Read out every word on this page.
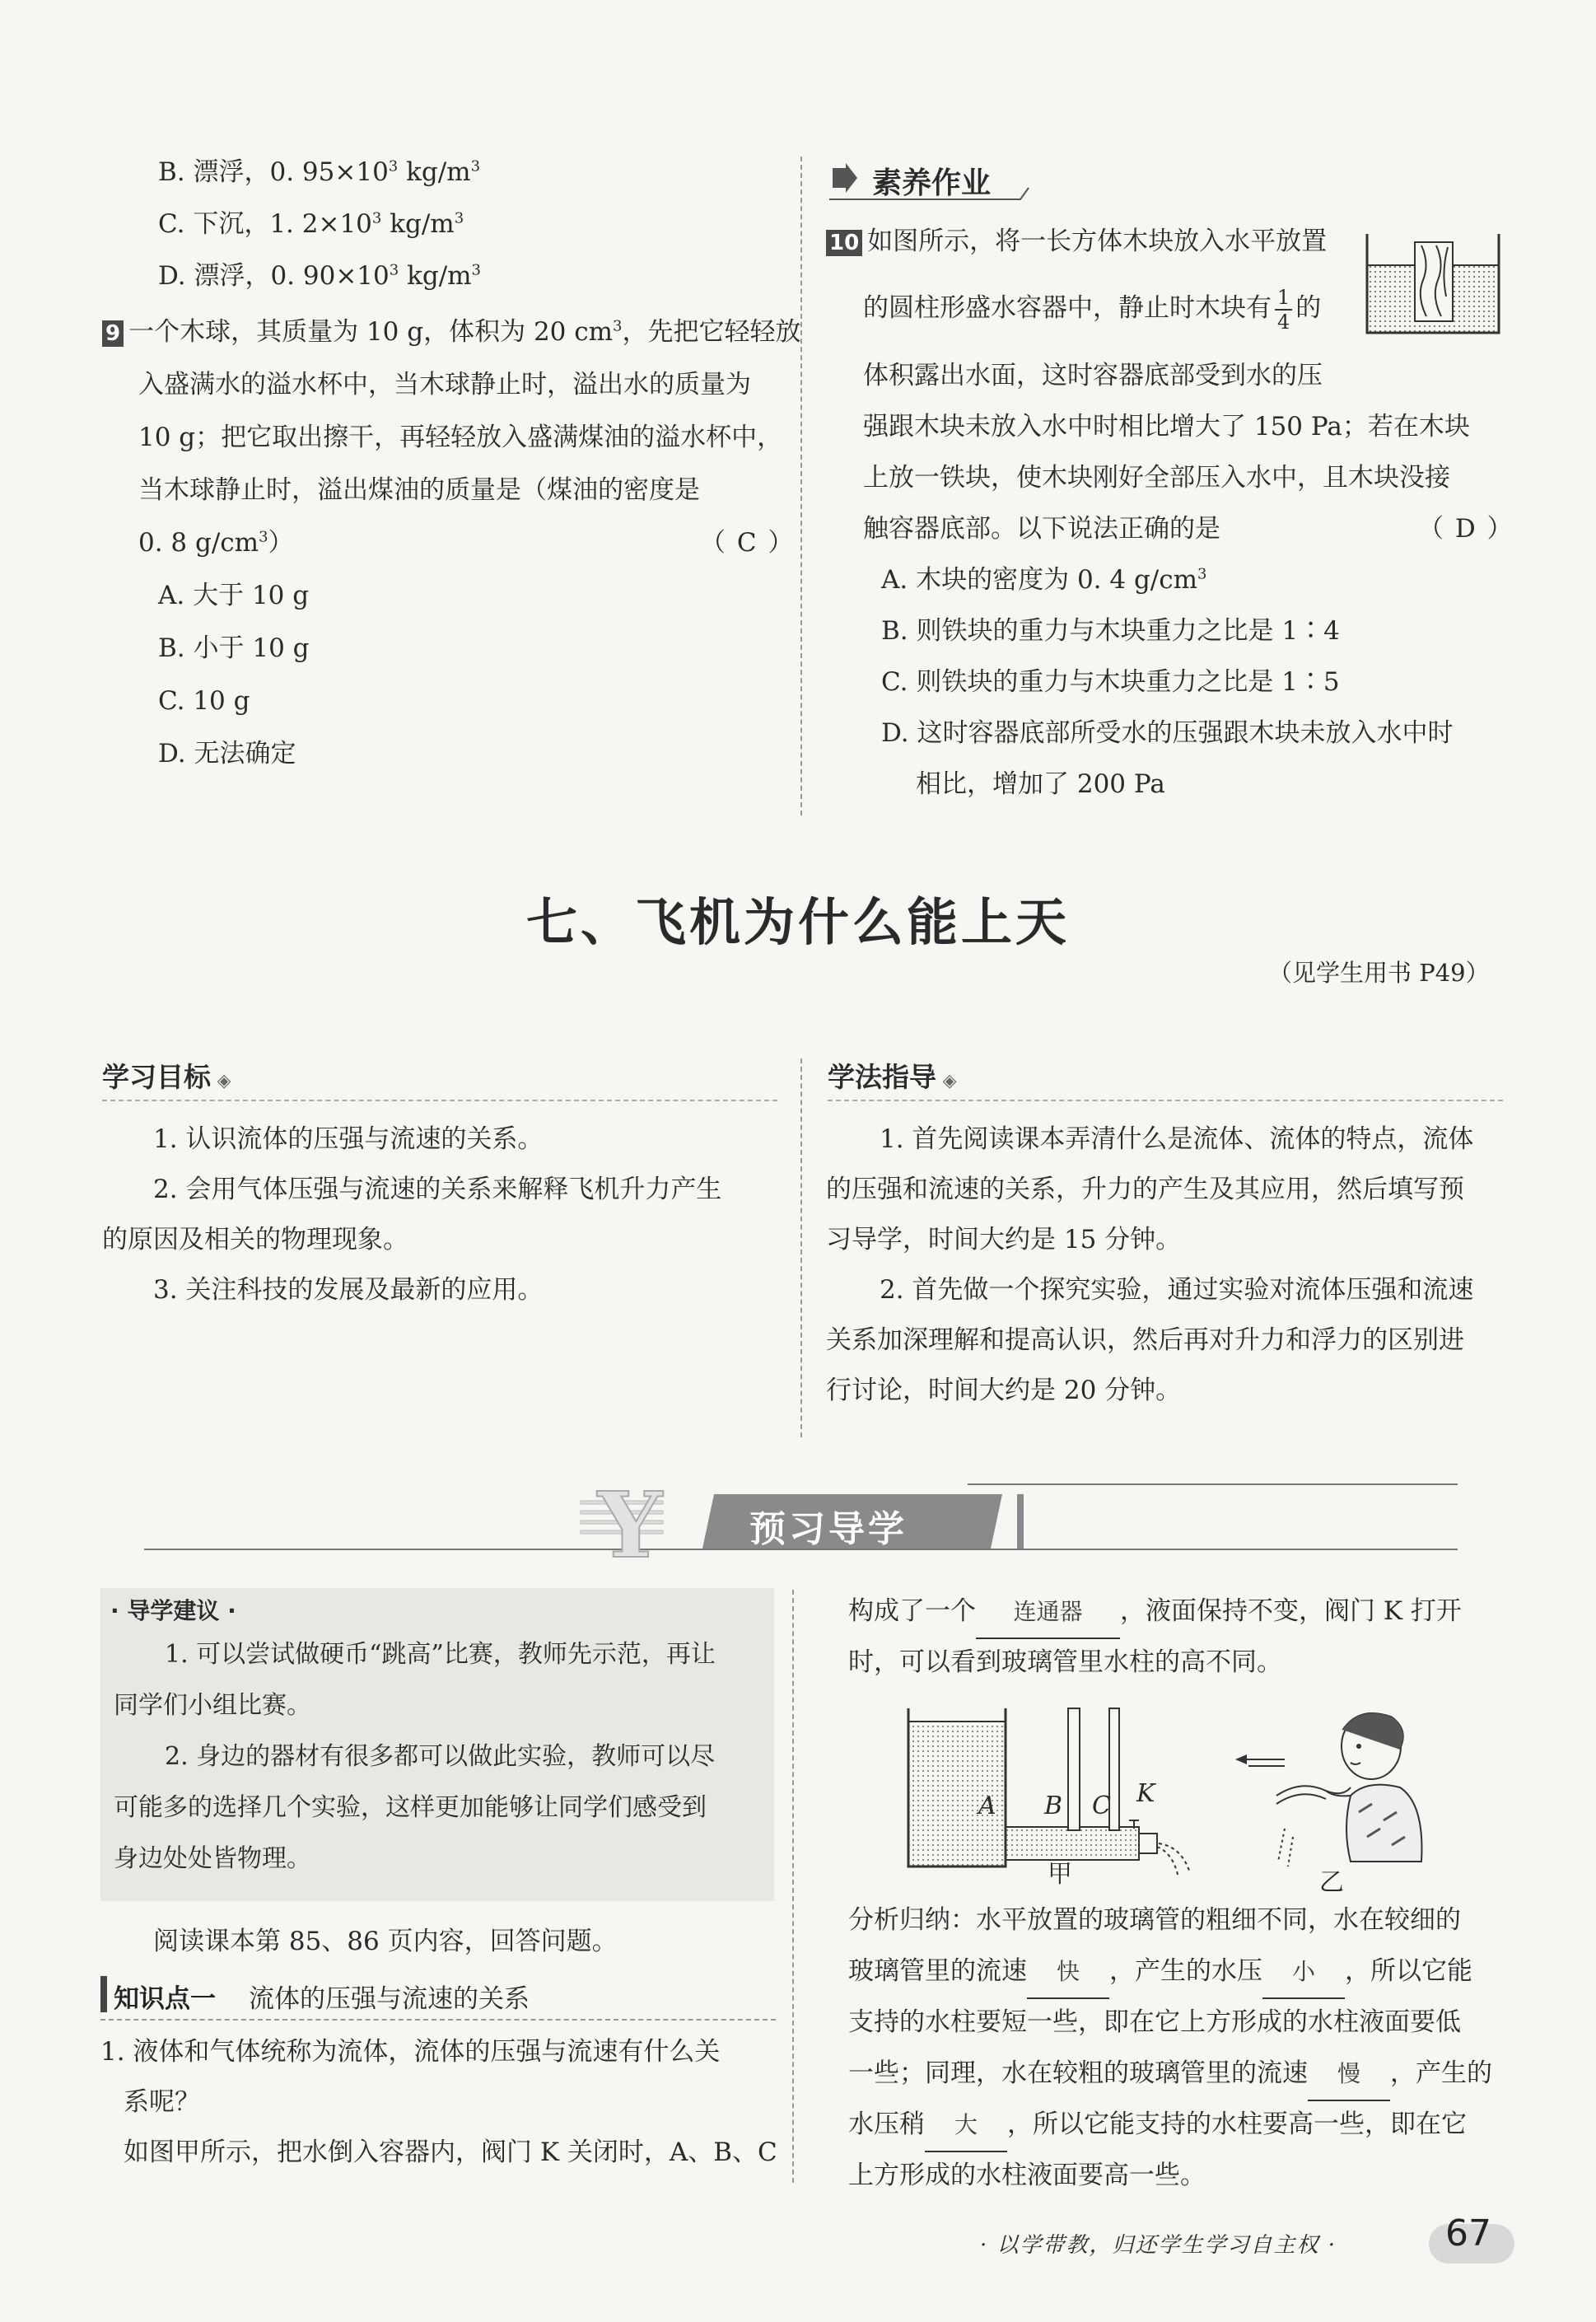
B. 漂浮，0. $95\times 10^3$ $kg/m^3$
C. 下沉，1. $2\times 10^3$ $kg/m^3$
D. 漂浮，0. $90\times 10^3$ $kg/m^3$
9 一个木球，其质量为 10 g，体积为 20 $cm^3$，先把它轻轻放
入盛满水的溢水杯中，当木球静止时，溢出水的质量为
10 g；把它取出擦干，再轻轻放入盛满煤油的溢水杯中，
当木球静止时，溢出煤油的质量是（煤油的密度是
0. 8 $g/cm^3$）	（ C ）
A. 大于 10 g
B. 小于 10 g
C. 10 g
D. 无法确定
素养作业
10 如图所示，将一长方体木块放入水平放置
的圆柱形盛水容器中，静止时木块有 $\frac{1}{4}$ 的
体积露出水面，这时容器底部受到水的压
强跟木块未放入水中时相比增大了 150 Pa；若在木块
上放一铁块，使木块刚好全部压入水中，且木块没接
触容器底部。以下说法正确的是	（ D ）
A. 木块的密度为 0. 4 $g/cm^3$
B. 则铁块的重力与木块重力之比是 1∶4
C. 则铁块的重力与木块重力之比是 1∶5
D. 这时容器底部所受水的压强跟木块未放入水中时
相比，增加了 200 Pa
七、飞机为什么能上天
（见学生用书 P49）
学习目标 ◈
1. 认识流体的压强与流速的关系。
2. 会用气体压强与流速的关系来解释飞机升力产生
的原因及相关的物理现象。
3. 关注科技的发展及最新的应用。
学法指导 ◈
1. 首先阅读课本弄清什么是流体、流体的特点，流体
的压强和流速的关系，升力的产生及其应用，然后填写预
习导学，时间大约是 15 分钟。
2. 首先做一个探究实验，通过实验对流体压强和流速
关系加深理解和提高认识，然后再对升力和浮力的区别进
行讨论，时间大约是 20 分钟。
Y 预习导学
· 导学建议 ·
1. 可以尝试做硬币“跳高”比赛，教师先示范，再让
同学们小组比赛。
2. 身边的器材有很多都可以做此实验，教师可以尽
可能多的选择几个实验，这样更加能够让同学们感受到
身边处处皆物理。
阅读课本第 85、86 页内容，回答问题。
知识点一 流体的压强与流速的关系
1. 液体和气体统称为流体，流体的压强与流速有什么关
系呢？
如图甲所示，把水倒入容器内，阀门 K 关闭时，A、B、C
构成了一个 连通器 ，液面保持不变，阀门 K 打开
时，可以看到玻璃管里水柱的高不同。
A B C K
甲	乙
分析归纳：水平放置的玻璃管的粗细不同，水在较细的
玻璃管里的流速 快 ，产生的水压 小 ，所以它能
支持的水柱要短一些，即在它上方形成的水柱液面要低
一些；同理，水在较粗的玻璃管里的流速 慢 ，产生的
水压稍 大 ，所以它能支持的水柱要高一些，即在它
上方形成的水柱液面要高一些。
· 以学带教，归还学生学习自主权 ·	67
